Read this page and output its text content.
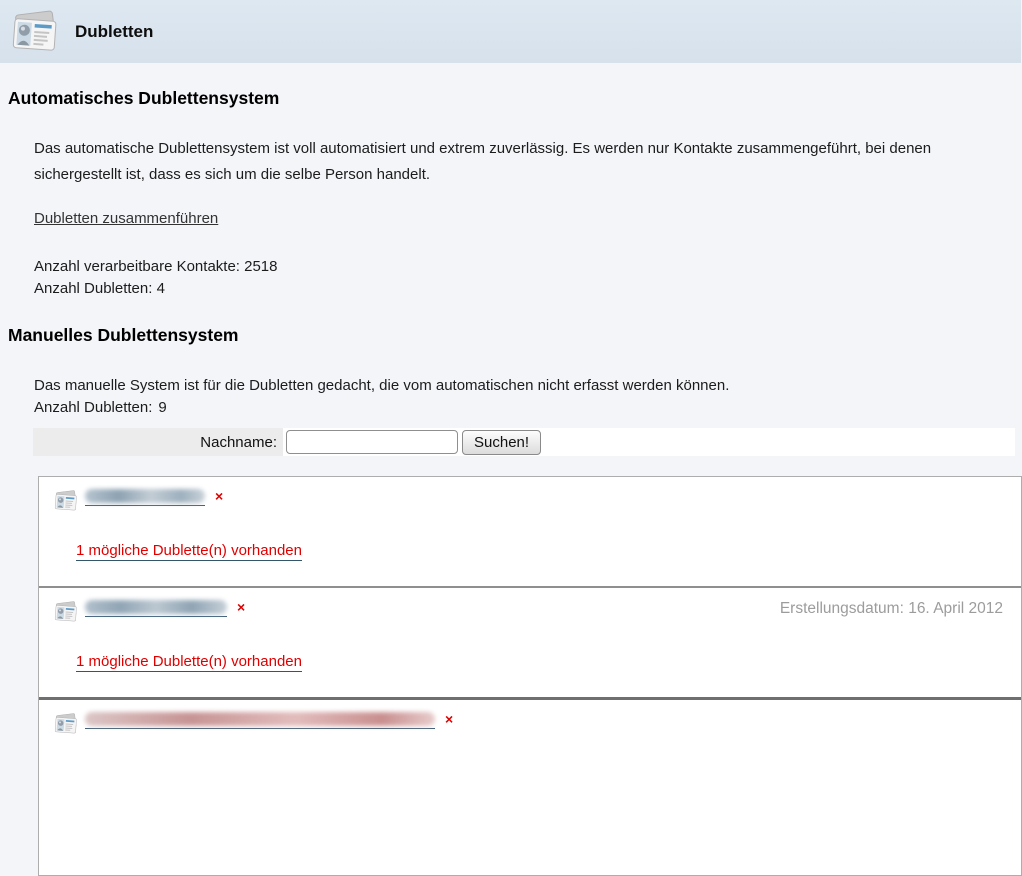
Dubletten
Automatisches Dublettensystem

Das automatische Dublettensystem ist voll automatisiert und extrem zuverlässig. Es werden nur Kontakte zusammengeführt, bei denen sichergestellt ist, dass es sich um die selbe Person handelt.

Dubletten zusammenführen
Anzahl verarbeitbare Kontakte: 2518
Anzahl Dubletten: 4
Manuelles Dublettensystem

Das manuelle System ist für die Dubletten gedacht, die vom automatischen nicht erfasst werden können.

Anzahl Dubletten: 9
Nachname:	Suchen!
×
1 mögliche Dublette(n) vorhanden
×	Erstellungsdatum: 16. April 2012
1 mögliche Dublette(n) vorhanden
×
